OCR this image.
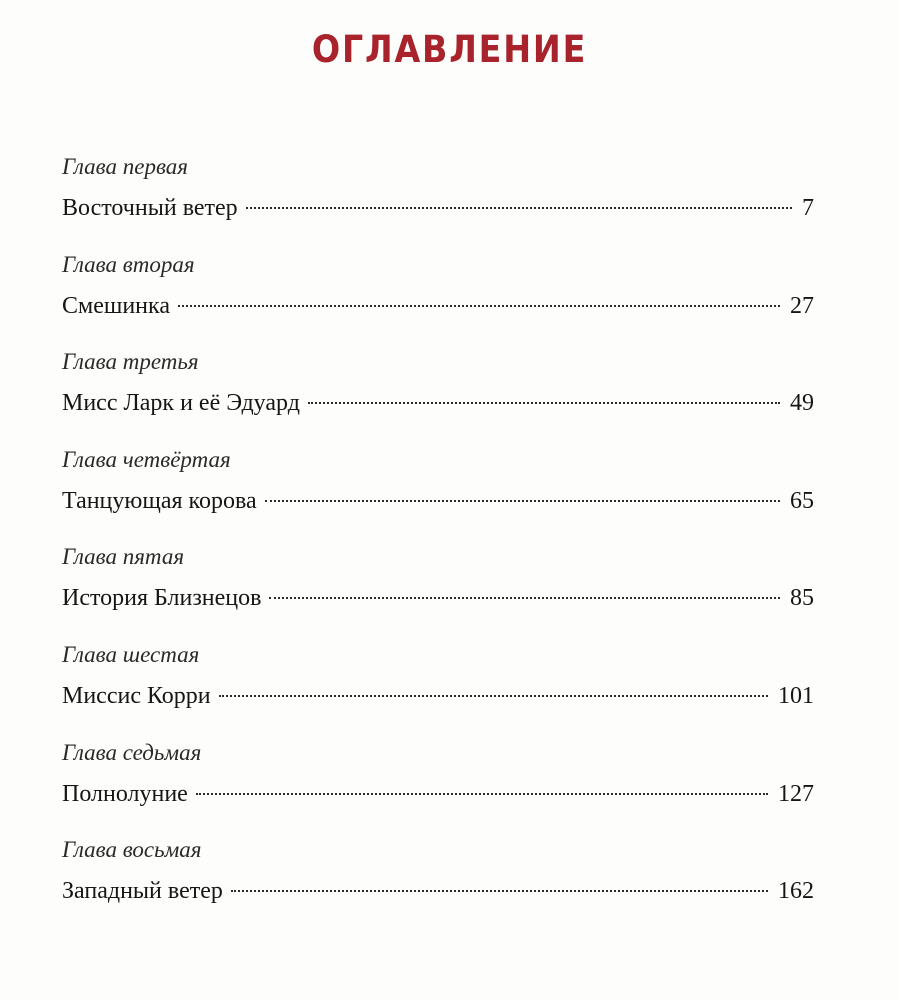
ОГЛАВЛЕНИЕ

Глава первая

Восточный ветер	7

Глава вторая

Смешинка	27

Глава третья

Мисс Ларк и её Эдуард	49

Глава четвёртая

Танцующая корова	65

Глава пятая

История Близнецов	85

Глава шестая

Миссис Корри	101

Глава седьмая

Полнолуние	127

Глава восьмая

Западный ветер	162
